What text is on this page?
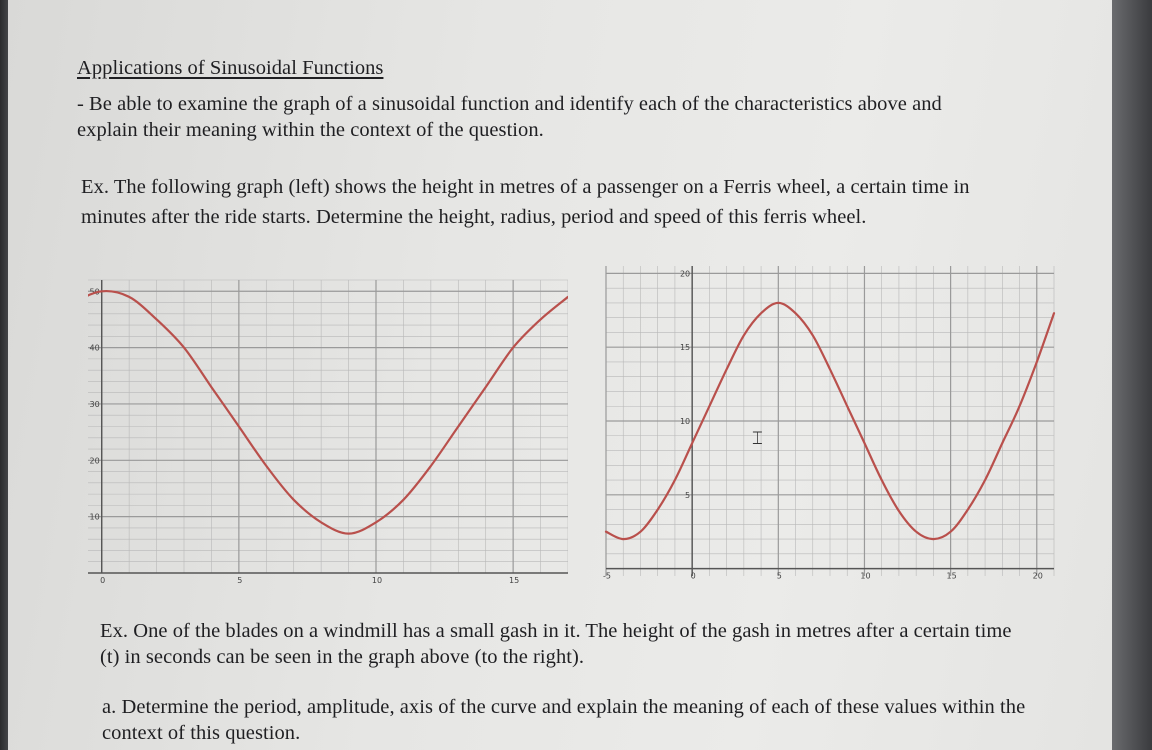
Applications of Sinusoidal Functions

- Be able to examine the graph of a sinusoidal function and identify each of the characteristics above and

explain their meaning within the context of the question.

Ex. The following graph (left) shows the height in metres of a passenger on a Ferris wheel, a certain time in

minutes after the ride starts. Determine the height, radius, period and speed of this ferris wheel.

0	5	10	15
10
20
30
40
50
-5	0	5	10	15	20
5
10
15
20
⌶

Ex. One of the blades on a windmill has a small gash in it. The height of the gash in metres after a certain time

(t) in seconds can be seen in the graph above (to the right).

a. Determine the period, amplitude, axis of the curve and explain the meaning of each of these values within the

context of this question.
